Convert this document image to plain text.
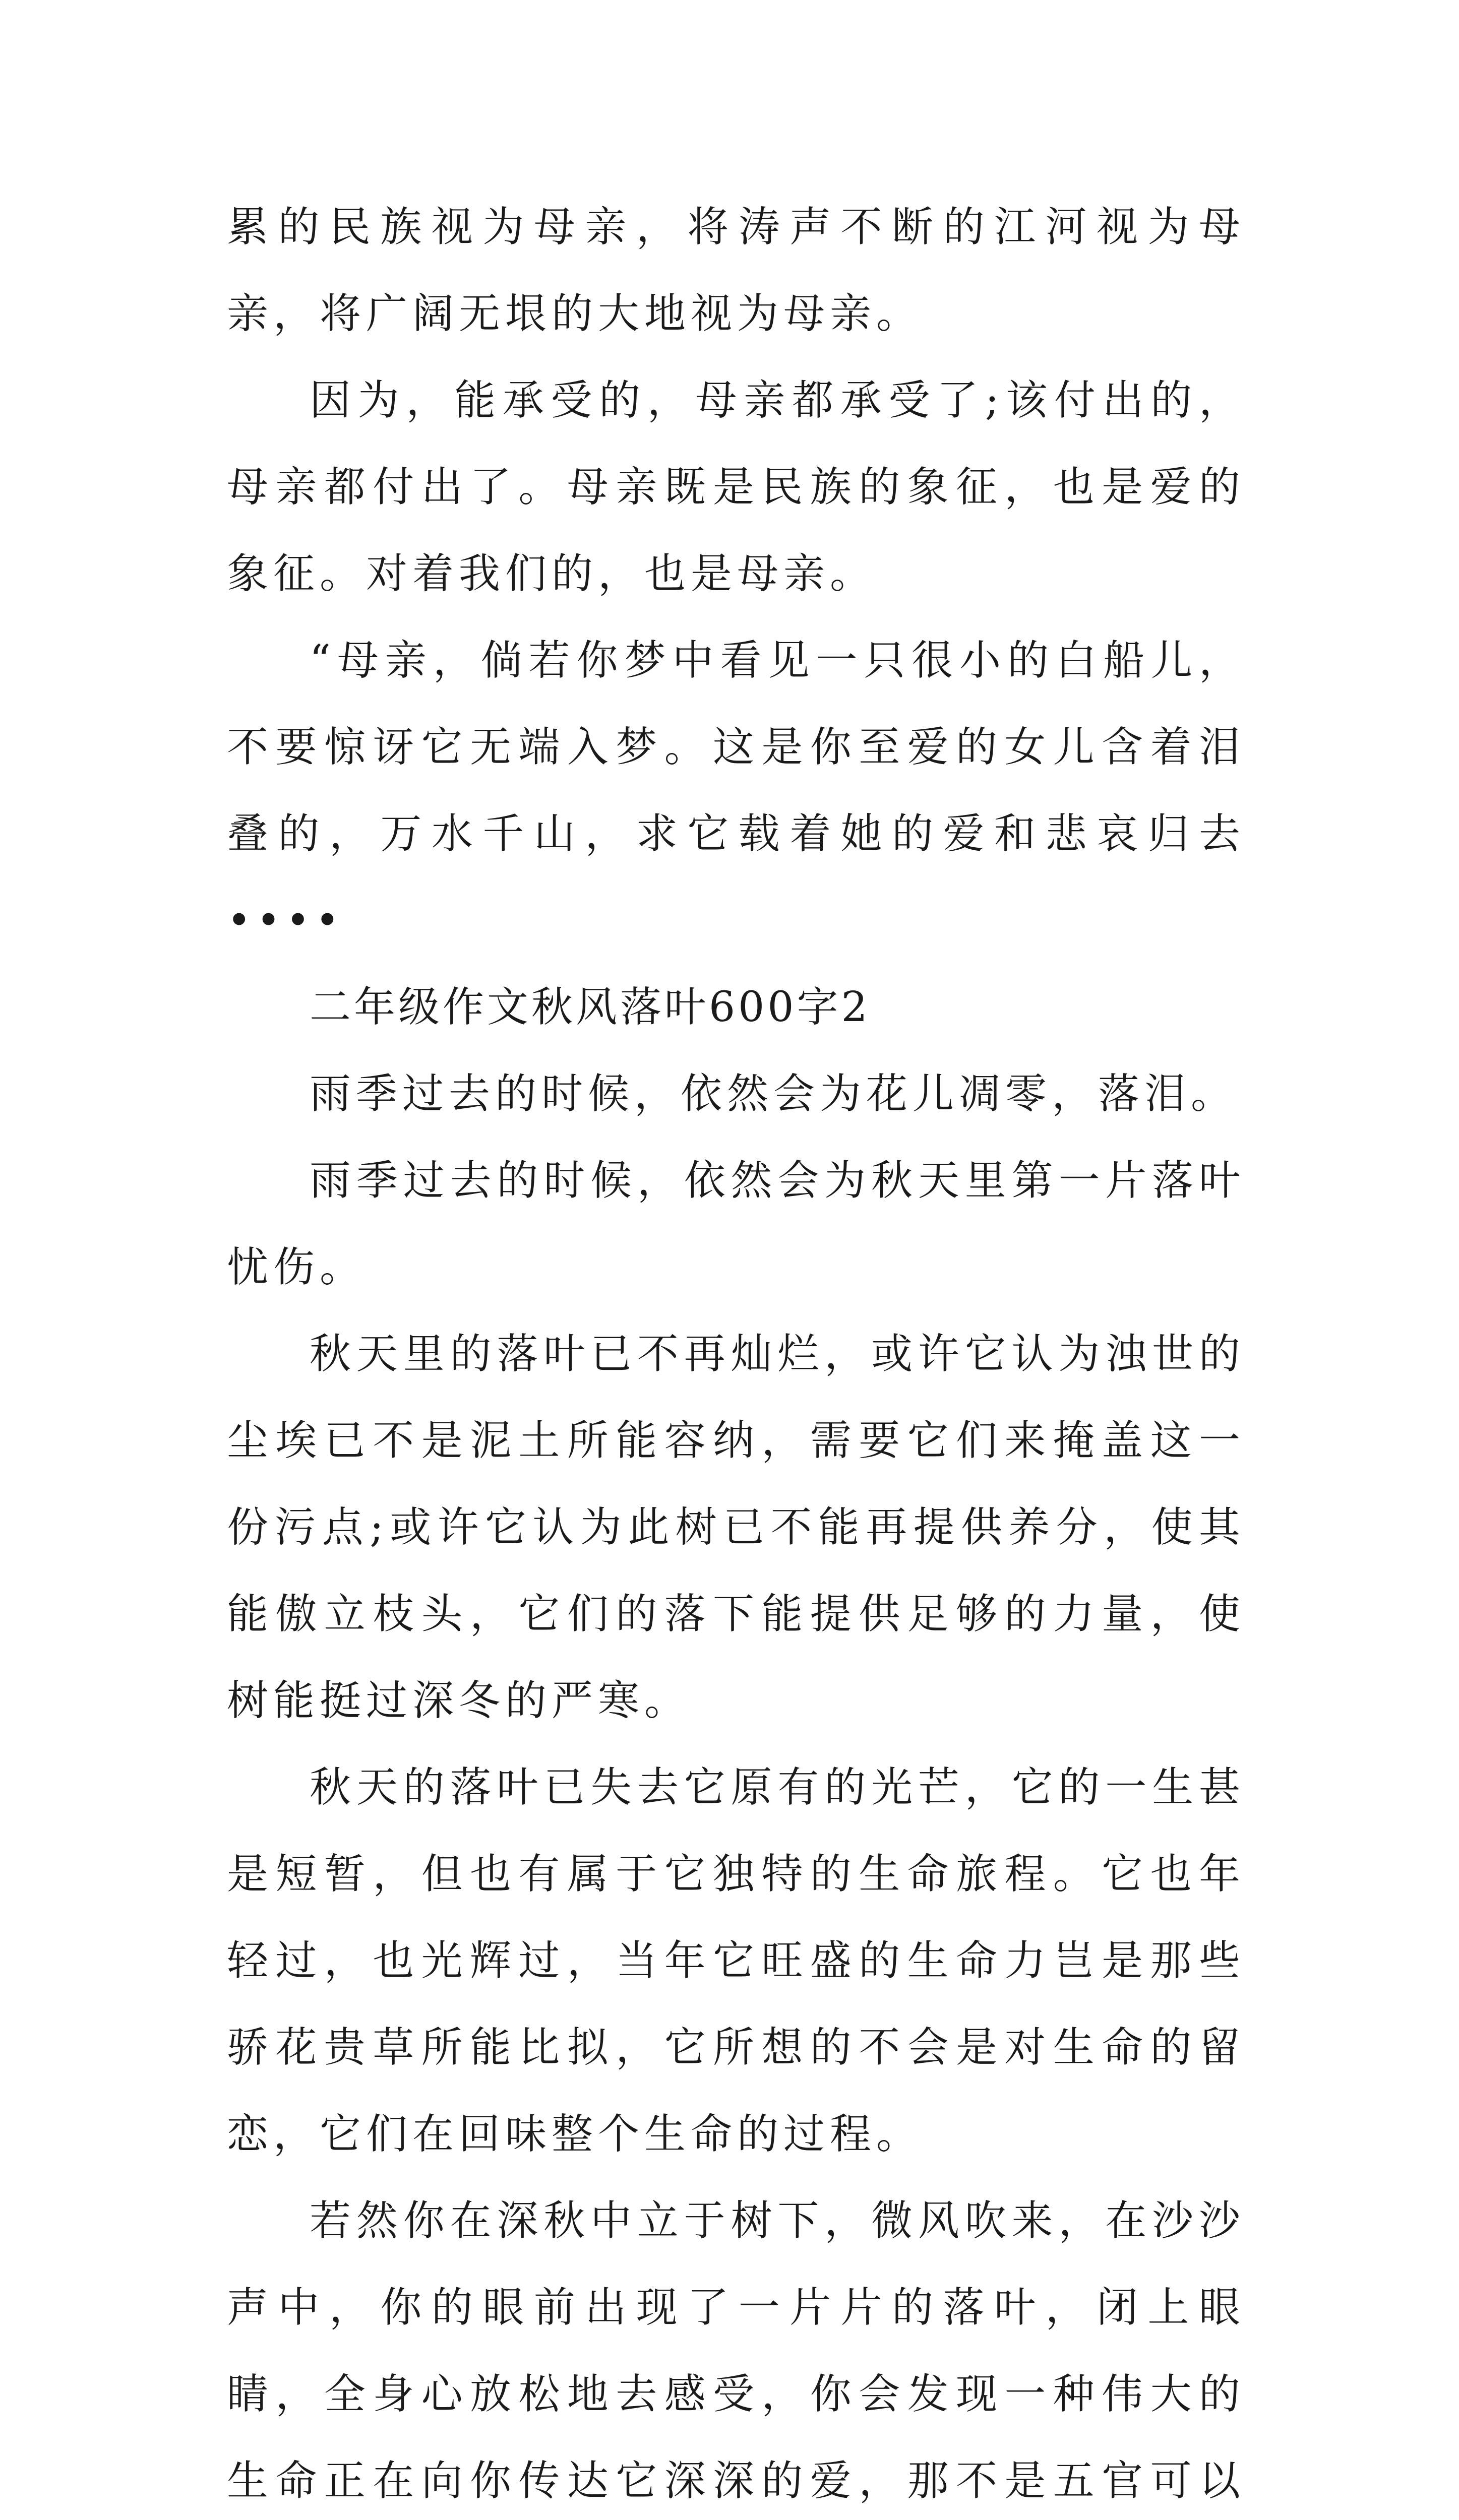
累的民族视为母亲，将涛声不断的江河视为母亲，将广阔无垠的大地视为母亲。

因为，能承受的，母亲都承受了;该付出的，母亲都付出了。母亲既是民族的象征，也是爱的象征。对着我们的，也是母亲。

“母亲，倘若你梦中看见一只很小的白船儿，不要惊讶它无端入梦。这是你至爱的女儿含着泪叠的，万水千山，求它载着她的爱和悲哀归去••••

二年级作文秋风落叶600字2

雨季过去的时候，依然会为花儿凋零，落泪。

雨季过去的时候，依然会为秋天里第一片落叶忧伤。

秋天里的落叶已不再灿烂，或许它认为浊世的尘埃已不是泥土所能容纳，需要它们来掩盖这一份污点;或许它认为此树已不能再提供养分，使其能傲立枝头，它们的落下能提供足够的力量，使树能挺过深冬的严寒。

秋天的落叶已失去它原有的光芒，它的一生甚是短暂，但也有属于它独特的生命旅程。它也年轻过，也光辉过，当年它旺盛的生命力岂是那些骄花贵草所能比拟，它所想的不会是对生命的留恋，它们在回味整个生命的过程。

若然你在深秋中立于树下，微风吹来，在沙沙声中，你的眼前出现了一片片的落叶，闭上眼睛，全身心放松地去感受，你会发现一种伟大的生命正在向你传达它深深的爱，那不是五官可以
